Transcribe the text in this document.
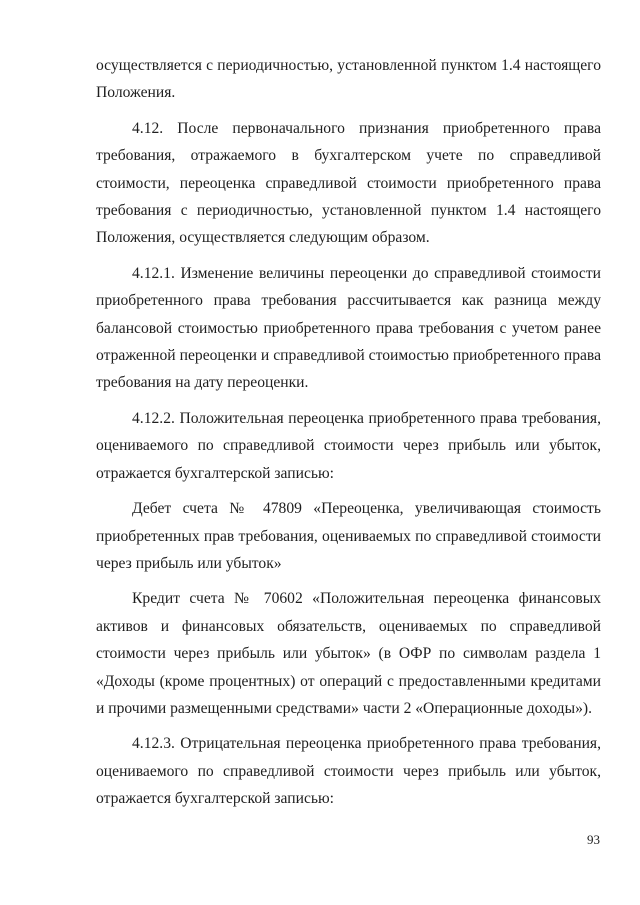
осуществляется с периодичностью, установленной пунктом 1.4 настоящего Положения.

4.12. После первоначального признания приобретенного права требования, отражаемого в бухгалтерском учете по справедливой стоимости, переоценка справедливой стоимости приобретенного права требования с периодичностью, установленной пунктом 1.4 настоящего Положения, осуществляется следующим образом.

4.12.1. Изменение величины переоценки до справедливой стоимости приобретенного права требования рассчитывается как разница между балансовой стоимостью приобретенного права требования с учетом ранее отраженной переоценки и справедливой стоимостью приобретенного права требования на дату переоценки.

4.12.2. Положительная переоценка приобретенного права требования, оцениваемого по справедливой стоимости через прибыль или убыток, отражается бухгалтерской записью:

Дебет счета № 47809 «Переоценка, увеличивающая стоимость приобретенных прав требования, оцениваемых по справедливой стоимости через прибыль или убыток»

Кредит счета № 70602 «Положительная переоценка финансовых активов и финансовых обязательств, оцениваемых по справедливой стоимости через прибыль или убыток» (в ОФР по символам раздела 1 «Доходы (кроме процентных) от операций с предоставленными кредитами и прочими размещенными средствами» части 2 «Операционные доходы»).

4.12.3. Отрицательная переоценка приобретенного права требования, оцениваемого по справедливой стоимости через прибыль или убыток, отражается бухгалтерской записью:

93
